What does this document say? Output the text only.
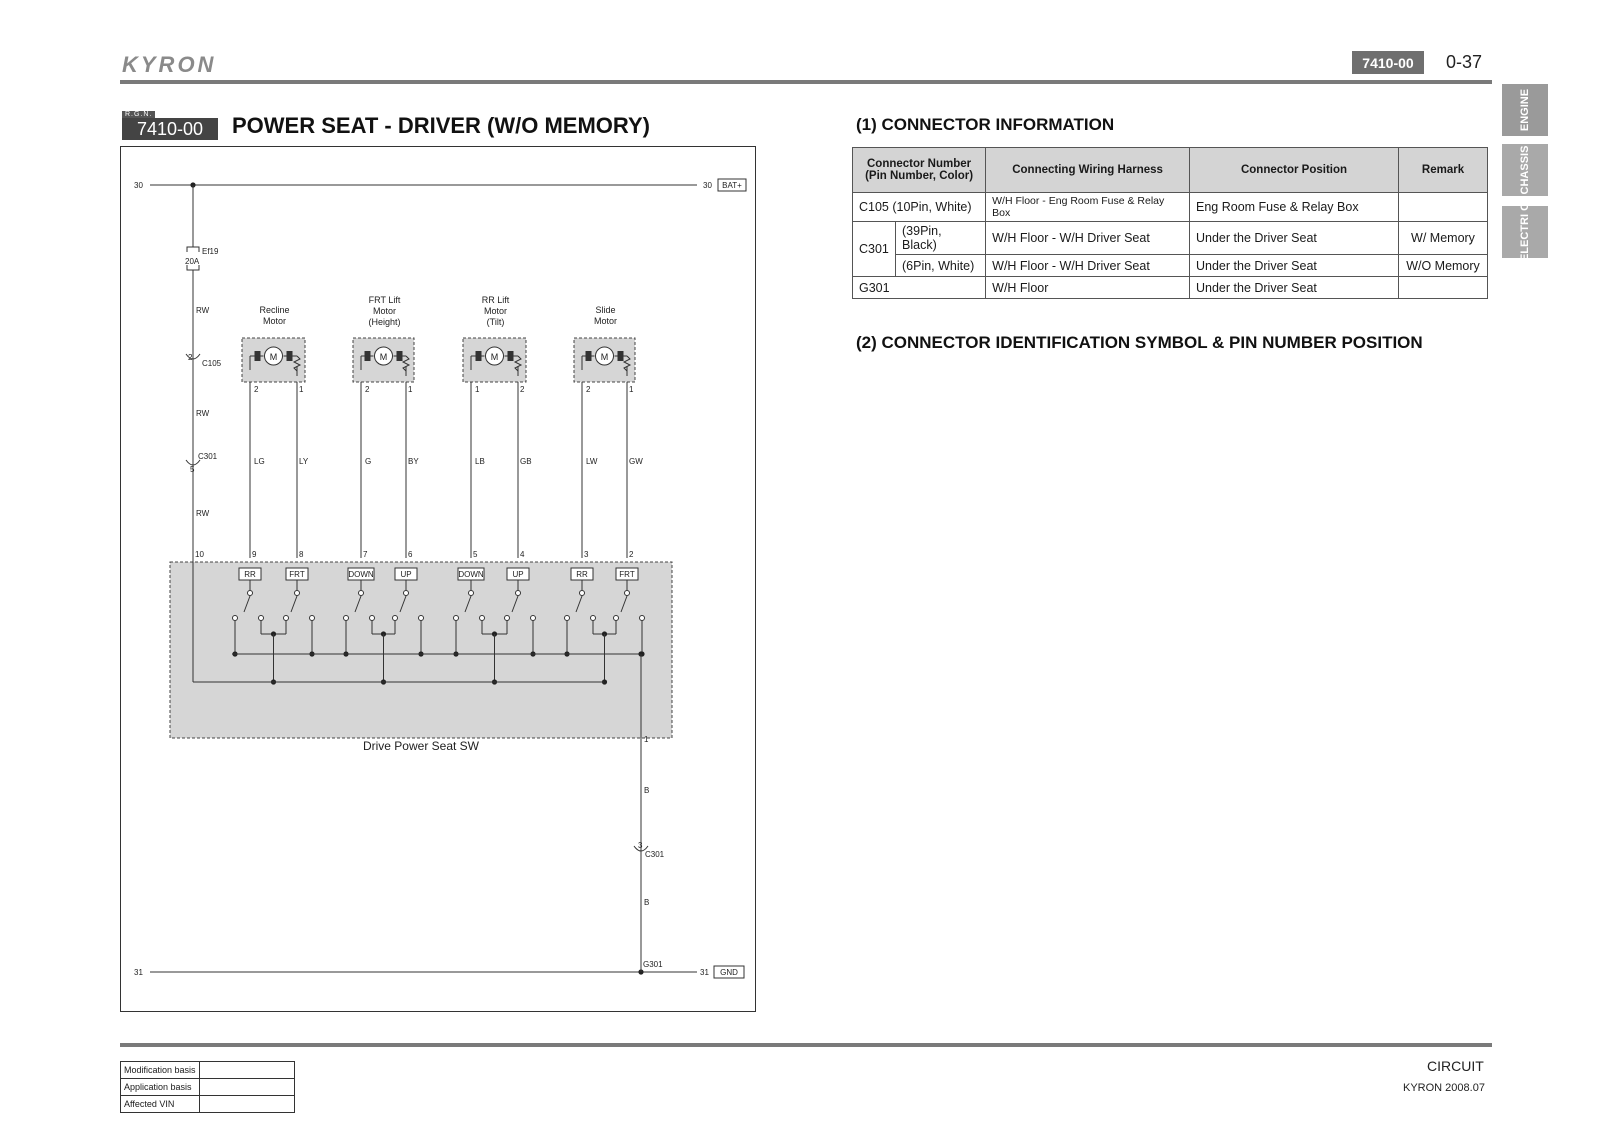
KYRON	7410-00	0-37
ENGINE
CHASSIS
ELECTRI C
R.G.N.
7410-00	POWER SEAT - DRIVER (W/O MEMORY)
30	30 BAT+
31	31 GND
Ef19
20A
RW
RW
RW
2
C105
C301
5
10
Recline
Motor
M
2	1
LG	LY
9	8
RR	FRT
FRT Lift
Motor
(Height)
M
2	1
G	BY
7	6
DOWN	UP
RR Lift
Motor
(Tilt)
M
1	2
LB	GB
5	4
DOWN	UP
Slide
Motor
M
2	1
LW	GW
3	2
RR	FRT
1
B
3
C301
B
G301
Drive Power Seat SW
(1) CONNECTOR INFORMATION
Connector Number (Pin Number, Color)		Connecting Wiring Harness	Connector Position	Remark
C105 (10Pin, White)		W/H Floor - Eng Room Fuse & Relay Box	Eng Room Fuse & Relay Box	
C301	(39Pin, Black)	W/H Floor - W/H Driver Seat	Under the Driver Seat	W/ Memory
	(6Pin, White)	W/H Floor - W/H Driver Seat	Under the Driver Seat	W/O Memory
G301		W/H Floor	Under the Driver Seat	
(2) CONNECTOR IDENTIFICATION SYMBOL & PIN NUMBER POSITION
Modification basis	
Application basis	
Affected VIN	
CIRCUIT
KYRON 2008.07
